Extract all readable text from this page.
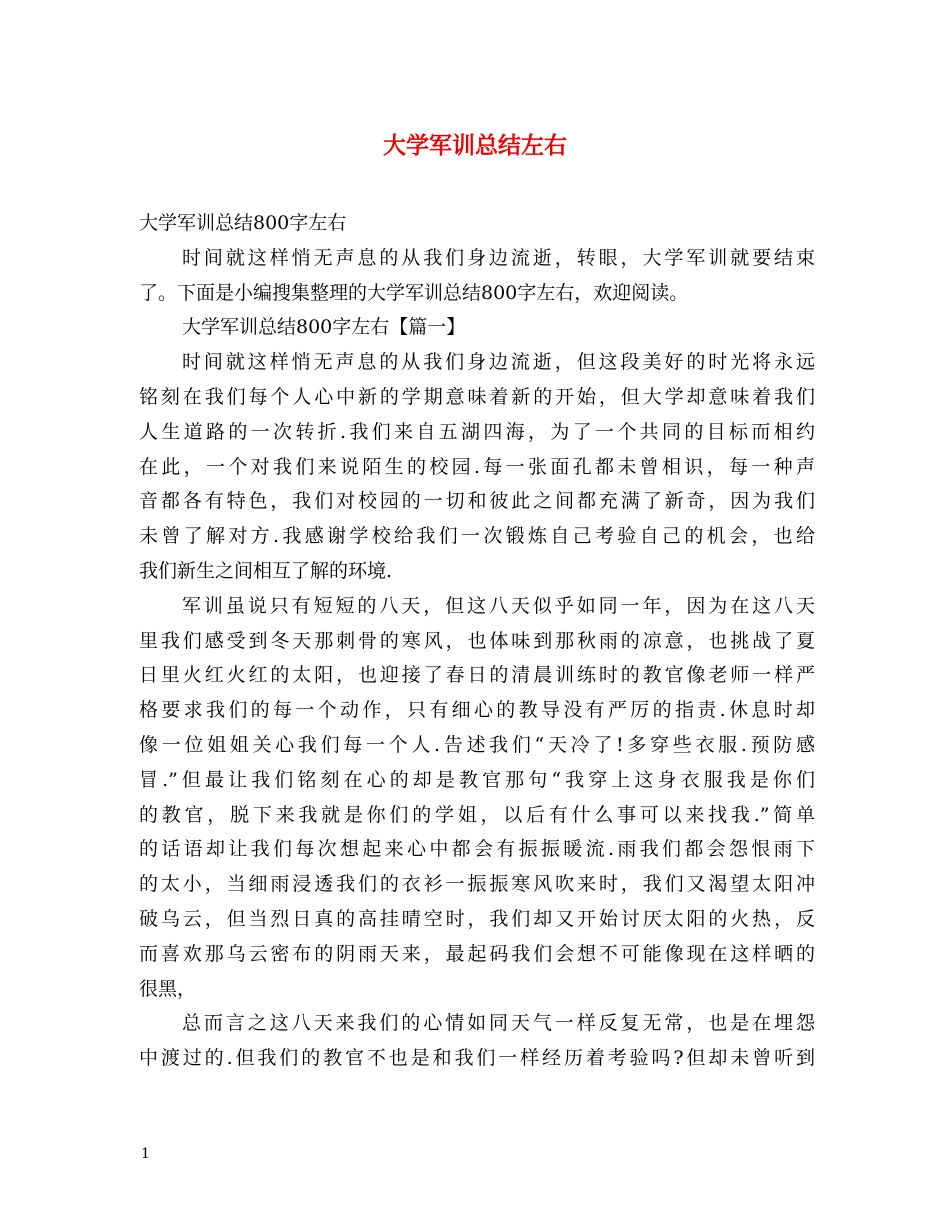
大学军训总结左右
大学军训总结800字左右
时间就这样悄无声息的从我们身边流逝，转眼，大学军训就要结束
了。下面是小编搜集整理的大学军训总结800字左右，欢迎阅读。
大学军训总结800字左右【篇一】
时间就这样悄无声息的从我们身边流逝，但这段美好的时光将永远
铭刻在我们每个人心中新的学期意味着新的开始，但大学却意味着我们
人生道路的一次转折.我们来自五湖四海，为了一个共同的目标而相约
在此，一个对我们来说陌生的校园.每一张面孔都未曾相识，每一种声
音都各有特色，我们对校园的一切和彼此之间都充满了新奇，因为我们
未曾了解对方.我感谢学校给我们一次锻炼自己考验自己的机会，也给
我们新生之间相互了解的环境.
军训虽说只有短短的八天，但这八天似乎如同一年，因为在这八天
里我们感受到冬天那刺骨的寒风，也体味到那秋雨的凉意，也挑战了夏
日里火红火红的太阳，也迎接了春日的清晨训练时的教官像老师一样严
格要求我们的每一个动作，只有细心的教导没有严厉的指责.休息时却
像一位姐姐关心我们每一个人.告述我们“天冷了!多穿些衣服.预防感
冒.”但最让我们铭刻在心的却是教官那句“我穿上这身衣服我是你们
的教官，脱下来我就是你们的学姐，以后有什么事可以来找我.”简单
的话语却让我们每次想起来心中都会有振振暖流.雨我们都会怨恨雨下
的太小，当细雨浸透我们的衣衫一振振寒风吹来时，我们又渴望太阳冲
破乌云，但当烈日真的高挂晴空时，我们却又开始讨厌太阳的火热，反
而喜欢那乌云密布的阴雨天来，最起码我们会想不可能像现在这样晒的
很黑，
总而言之这八天来我们的心情如同天气一样反复无常，也是在埋怨
中渡过的.但我们的教官不也是和我们一样经历着考验吗?但却未曾听到
1
